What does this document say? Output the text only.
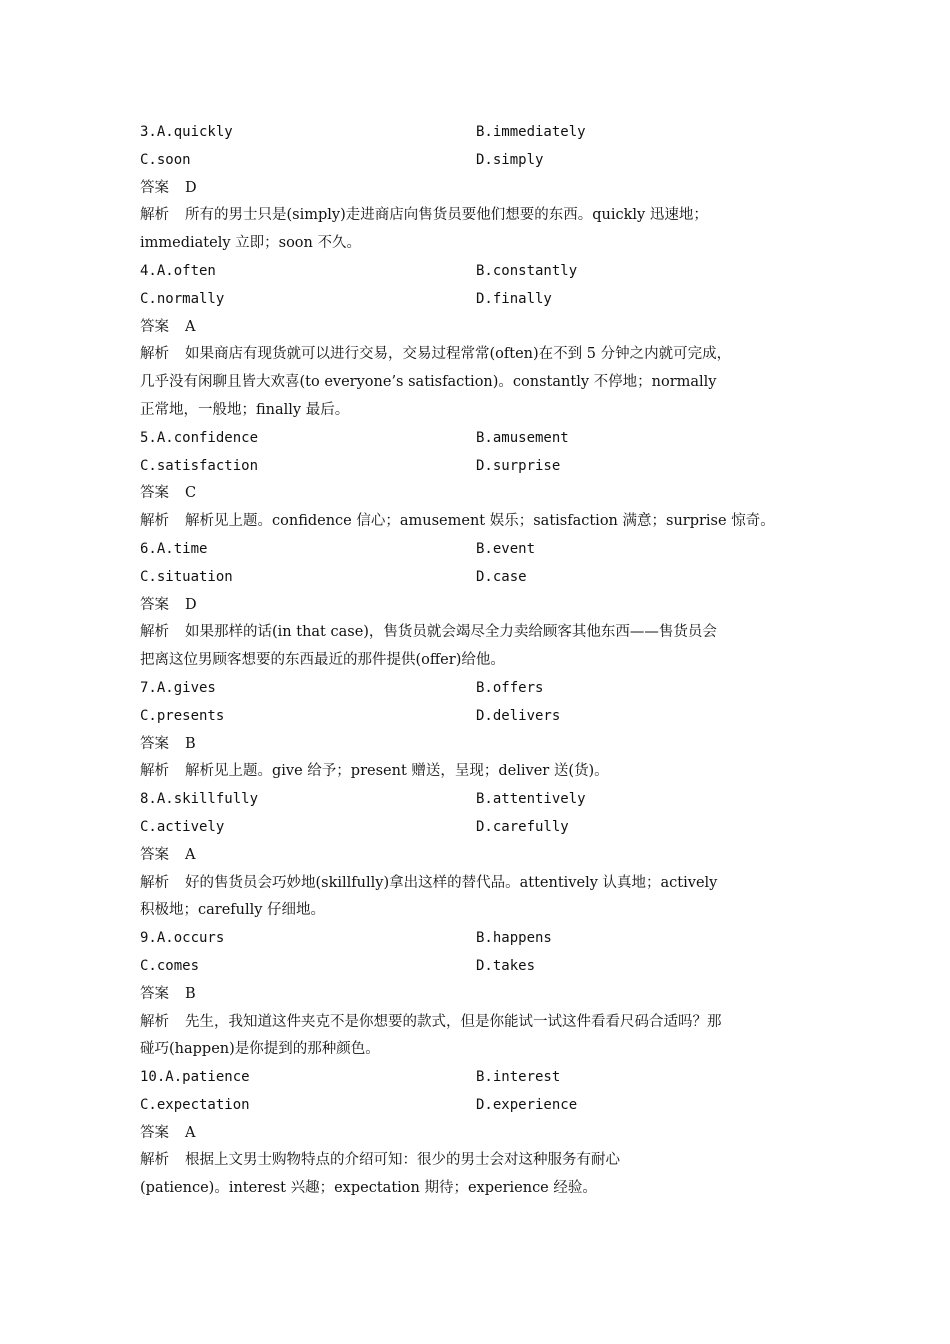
3.A.quickly	B.immediately
C.soon	D.simply
答案 D
解析 所有的男士只是(simply)走进商店向售货员要他们想要的东西。quickly 迅速地；
immediately 立即；soon 不久。
4.A.often	B.constantly
C.normally	D.finally
答案 A
解析 如果商店有现货就可以进行交易，交易过程常常(often)在不到 5 分钟之内就可完成，
几乎没有闲聊且皆大欢喜(to everyone’s satisfaction)。constantly 不停地；normally
正常地，一般地；finally 最后。
5.A.confidence	B.amusement
C.satisfaction	D.surprise
答案 C
解析 解析见上题。confidence 信心；amusement 娱乐；satisfaction 满意；surprise 惊奇。
6.A.time	B.event
C.situation	D.case
答案 D
解析 如果那样的话(in that case)，售货员就会竭尽全力卖给顾客其他东西——售货员会
把离这位男顾客想要的东西最近的那件提供(offer)给他。
7.A.gives	B.offers
C.presents	D.delivers
答案 B
解析 解析见上题。give 给予；present 赠送，呈现；deliver 送(货)。
8.A.skillfully	B.attentively
C.actively	D.carefully
答案 A
解析 好的售货员会巧妙地(skillfully)拿出这样的替代品。attentively 认真地；actively
积极地；carefully 仔细地。
9.A.occurs	B.happens
C.comes	D.takes
答案 B
解析 先生，我知道这件夹克不是你想要的款式，但是你能试一试这件看看尺码合适吗？那
碰巧(happen)是你提到的那种颜色。
10.A.patience	B.interest
C.expectation	D.experience
答案 A
解析 根据上文男士购物特点的介绍可知：很少的男士会对这种服务有耐心
(patience)。interest 兴趣；expectation 期待；experience 经验。
